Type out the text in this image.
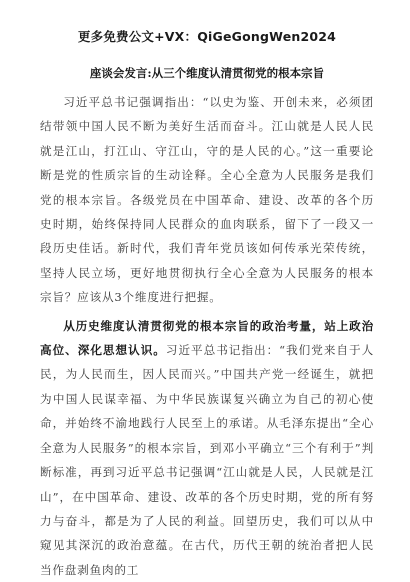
更多免费公文+VX：QiGeGongWen2024
座谈会发言:从三个维度认清贯彻党的根本宗旨

习近平总书记强调指出：“以史为鉴、开创未来，必须团结带领中国人民不断为美好生活而奋斗。江山就是人民人民就是江山，打江山、守江山，守的是人民的心。”这一重要论断是党的性质宗旨的生动诠释。全心全意为人民服务是我们党的根本宗旨。各级党员在中国革命、建设、改革的各个历史时期，始终保持同人民群众的血肉联系，留下了一段又一段历史佳话。新时代，我们青年党员该如何传承光荣传统，坚持人民立场，更好地贯彻执行全心全意为人民服务的根本宗旨？应该从3个维度进行把握。

从历史维度认清贯彻党的根本宗旨的政治考量，站上政治高位、深化思想认识。习近平总书记指出：“我们党来自于人民，为人民而生，因人民而兴。”中国共产党一经诞生，就把为中国人民谋幸福、为中华民族谋复兴确立为自己的初心使命，并始终不渝地践行人民至上的承诺。从毛泽东提出“全心全意为人民服务”的根本宗旨，到邓小平确立“三个有利于”判断标准，再到习近平总书记强调“江山就是人民，人民就是江山”，在中国革命、建设、改革的各个历史时期，党的所有努力与奋斗，都是为了人民的利益。回望历史，我们可以从中窥见其深沉的政治意蕴。在古代，历代王朝的统治者把人民当作盘剥鱼肉的工
